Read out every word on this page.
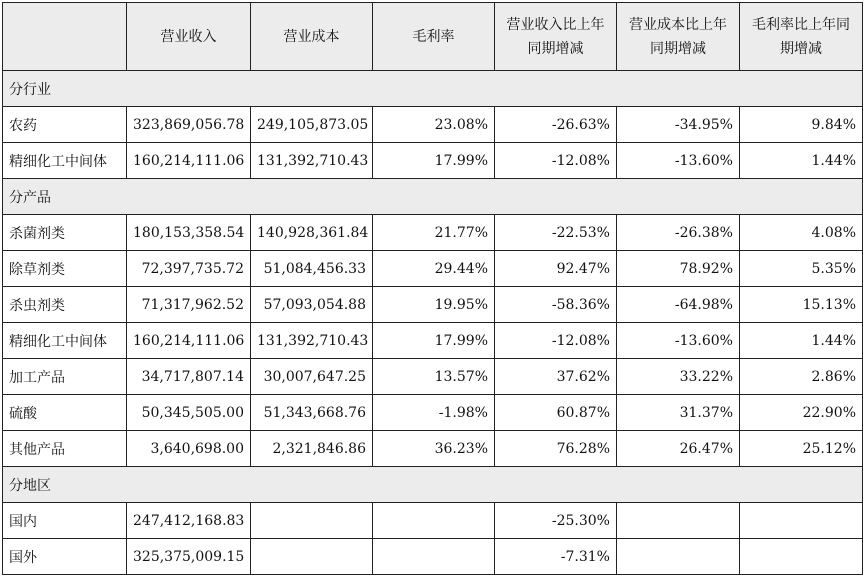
	营业收入	营业成本	毛利率	营业收入比上年同期增减	营业成本比上年同期增减	毛利率比上年同期增减
分行业						
农药	323,869,056.78	249,105,873.05	23.08%	-26.63%	-34.95%	9.84%
精细化工中间体	160,214,111.06	131,392,710.43	17.99%	-12.08%	-13.60%	1.44%
分产品						
杀菌剂类	180,153,358.54	140,928,361.84	21.77%	-22.53%	-26.38%	4.08%
除草剂类	72,397,735.72	51,084,456.33	29.44%	92.47%	78.92%	5.35%
杀虫剂类	71,317,962.52	57,093,054.88	19.95%	-58.36%	-64.98%	15.13%
精细化工中间体	160,214,111.06	131,392,710.43	17.99%	-12.08%	-13.60%	1.44%
加工产品	34,717,807.14	30,007,647.25	13.57%	37.62%	33.22%	2.86%
硫酸	50,345,505.00	51,343,668.76	-1.98%	60.87%	31.37%	22.90%
其他产品	3,640,698.00	2,321,846.86	36.23%	76.28%	26.47%	25.12%
分地区						
国内	247,412,168.83			-25.30%		
国外	325,375,009.15			-7.31%		
